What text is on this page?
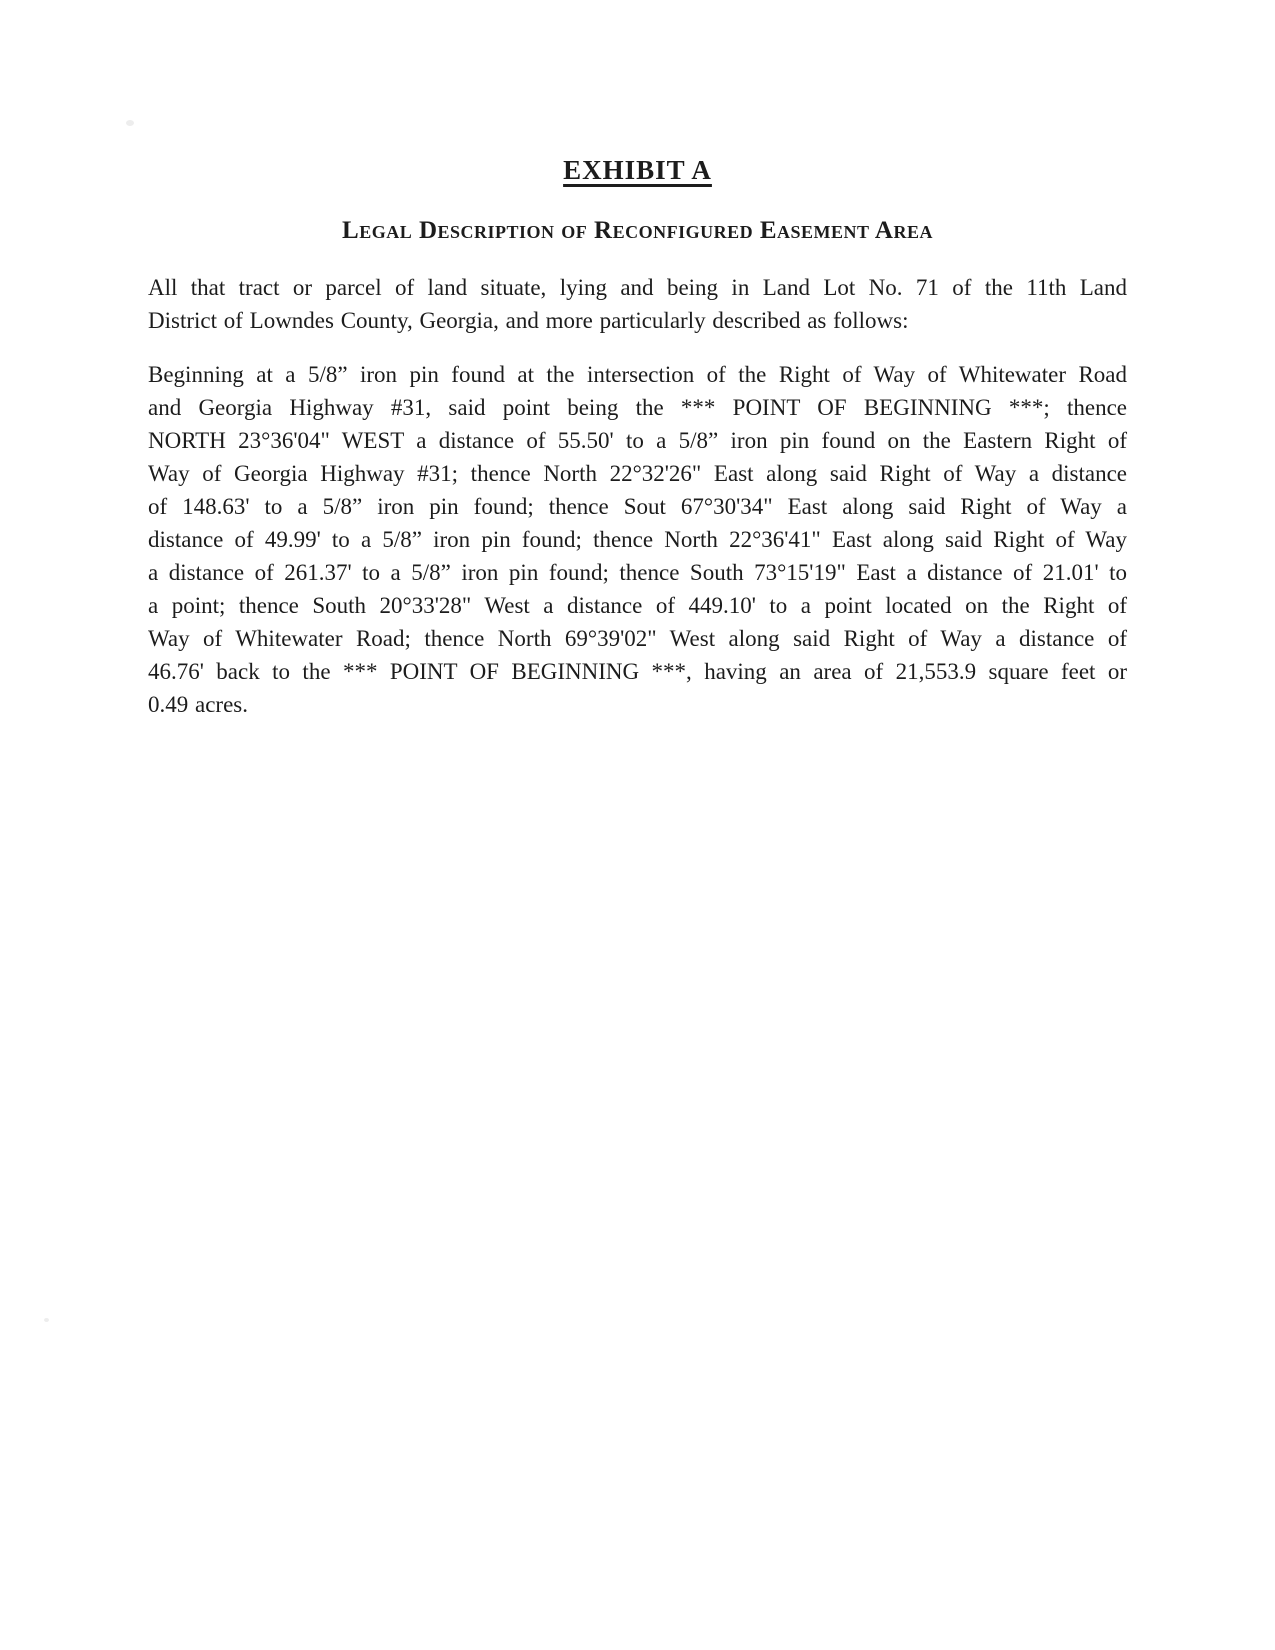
EXHIBIT A
Legal Description of Reconfigured Easement Area
All that tract or parcel of land situate, lying and being in Land Lot No. 71 of the 11th Land
District of Lowndes County, Georgia, and more particularly described as follows:
Beginning at a 5/8” iron pin found at the intersection of the Right of Way of Whitewater Road
and Georgia Highway #31, said point being the *** POINT OF BEGINNING ***; thence
NORTH 23°36'04" WEST a distance of 55.50' to a 5/8” iron pin found on the Eastern Right of
Way of Georgia Highway #31; thence North 22°32'26" East along said Right of Way a distance
of 148.63' to a 5/8” iron pin found; thence Sout 67°30'34" East along said Right of Way a
distance of 49.99' to a 5/8” iron pin found; thence North 22°36'41" East along said Right of Way
a distance of 261.37' to a 5/8” iron pin found; thence South 73°15'19" East a distance of 21.01' to
a point; thence South 20°33'28" West a distance of 449.10' to a point located on the Right of
Way of Whitewater Road; thence North 69°39'02" West along said Right of Way a distance of
46.76' back to the *** POINT OF BEGINNING ***, having an area of 21,553.9 square feet or
0.49 acres.
